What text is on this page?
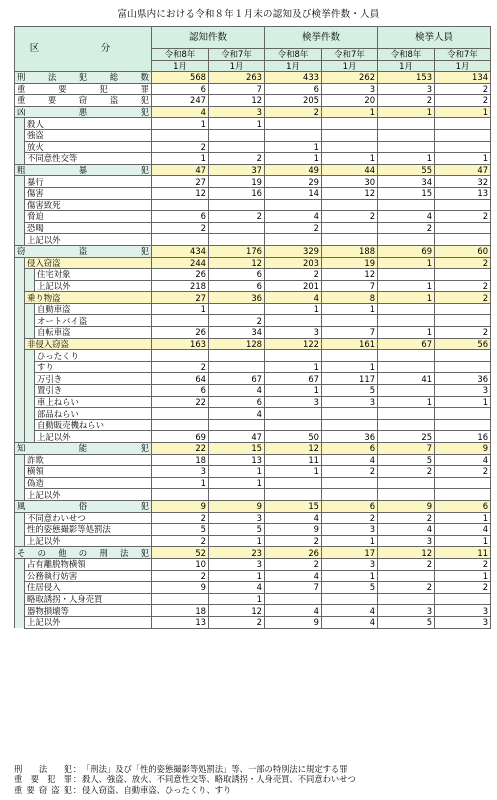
富山県内における令和８年１月末の認知及び検挙件数・人員
区　分			認知件数		検挙件数		検挙人員	
			令和8年	令和7年	令和8年	令和7年	令和8年	令和7年
			1月	1月	1月	1月	1月	1月
刑 法 犯 総 数			568	263	433	262	153	134
重 要 犯 罪			6	7	6	3	3	2
重 要 窃 盗 犯			247	12	205	20	2	2
凶 悪 犯			4	3	2	1	1	1
	殺人		1	1				
	強盗							
	放火		2		1			
	不同意性交等		1	2	1	1	1	1
粗 暴 犯			47	37	49	44	55	47
	暴行		27	19	29	30	34	32
	傷害		12	16	14	12	15	13
	傷害致死							
	脅迫		6	2	4	2	4	2
	恐喝		2		2		2	
	上記以外							
窃 盗 犯			434	176	329	188	69	60
	侵入窃盗		244	12	203	19	1	2
		住宅対象	26	6	2	12		
		上記以外	218	6	201	7	1	2
	乗り物盗		27	36	4	8	1	2
		自動車盗	1		1	1		
		オートバイ盗		2				
		自転車盗	26	34	3	7	1	2
	非侵入窃盗		163	128	122	161	67	56
		ひったくり						
		すり	2		1	1		
		万引き	64	67	67	117	41	36
		置引き	6	4	1	5		3
		車上ねらい	22	6	3	3	1	1
		部品ねらい		4				
		自動販売機ねらい						
		上記以外	69	47	50	36	25	16
知 能 犯			22	15	12	6	7	9
	詐欺		18	13	11	4	5	4
	横領		3	1	1	2	2	2
	偽造		1	1				
	上記以外							
風 俗 犯			9	9	15	6	9	6
	不同意わいせつ		2	3	4	2	2	1
	性的姿態撮影等処罰法		5	5	9	3	4	4
	上記以外		2	1	2	1	3	1
そ の 他 の 刑 法 犯			52	23	26	17	12	11
	占有離脱物横領		10	3	2	3	2	2
	公務執行妨害		2	1	4	1		1
	住居侵入		9	4	7	5	2	2
	略取誘拐・人身売買			1				
	器物損壊等		18	12	4	4	3	3
	上記以外		13	2	9	4	5	3
刑法犯 ： 「刑法」及び「性的姿態撮影等処罰法」等、一部の特別法に規定する罪
重要犯罪 ： 殺人、強盗、放火、不同意性交等、略取誘拐・人身売買、不同意わいせつ
重要窃盗犯 ： 侵入窃盗、自動車盗、ひったくり、すり
